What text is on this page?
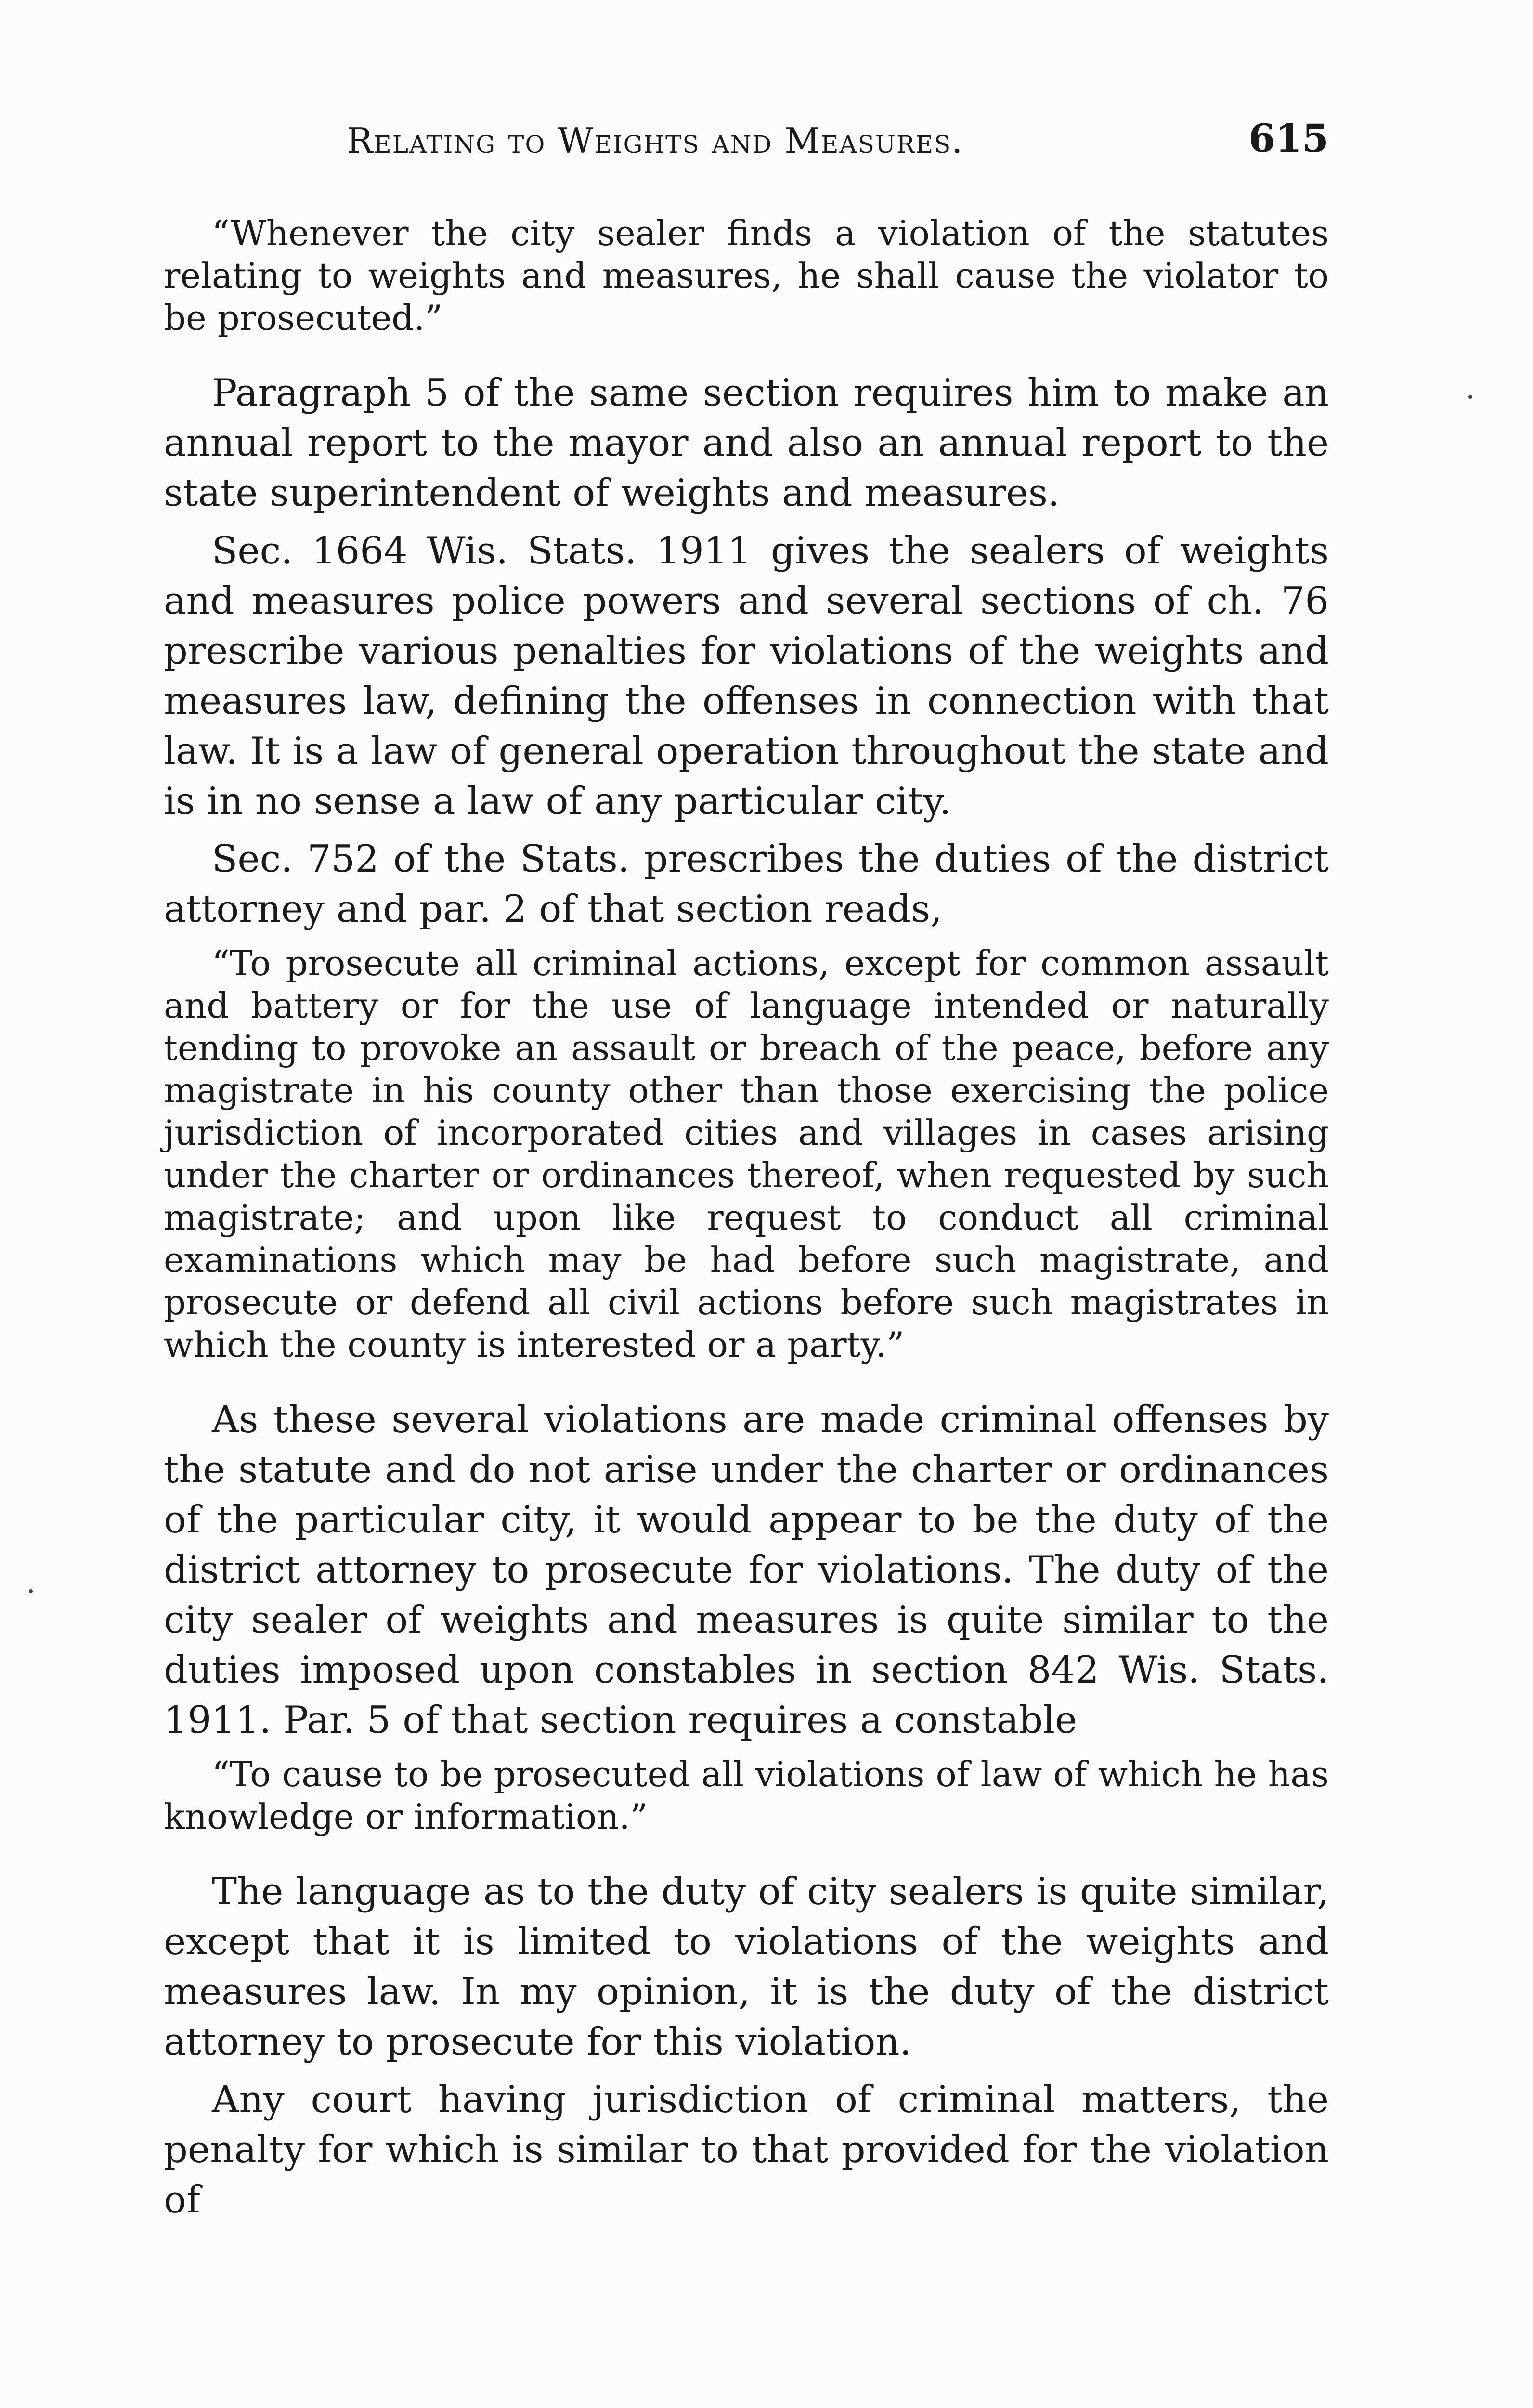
Relating to Weights and Measures.	615

“Whenever the city sealer finds a violation of the statutes relating to weights and measures, he shall cause the violator to be prosecuted.”

Paragraph 5 of the same section requires him to make an annual report to the mayor and also an annual report to the state superintendent of weights and measures.

Sec. 1664 Wis. Stats. 1911 gives the sealers of weights and measures police powers and several sections of ch. 76 prescribe various penalties for violations of the weights and measures law, defining the offenses in connection with that law. It is a law of general operation throughout the state and is in no sense a law of any particular city.

Sec. 752 of the Stats. prescribes the duties of the district attorney and par. 2 of that section reads,

“To prosecute all criminal actions, except for common assault and battery or for the use of language intended or naturally tending to provoke an assault or breach of the peace, before any magistrate in his county other than those exercising the police jurisdiction of incorporated cities and villages in cases arising under the charter or ordinances thereof, when requested by such magistrate; and upon like request to conduct all criminal examinations which may be had before such magistrate, and prosecute or defend all civil actions before such magistrates in which the county is interested or a party.”

As these several violations are made criminal offenses by the statute and do not arise under the charter or ordinances of the particular city, it would appear to be the duty of the district attorney to prosecute for violations. The duty of the city sealer of weights and measures is quite similar to the duties imposed upon constables in section 842 Wis. Stats. 1911. Par. 5 of that section requires a constable

“To cause to be prosecuted all violations of law of which he has knowledge or information.”

The language as to the duty of city sealers is quite similar, except that it is limited to violations of the weights and measures law. In my opinion, it is the duty of the district attorney to prosecute for this violation.

Any court having jurisdiction of criminal matters, the penalty for which is similar to that provided for the violation of
